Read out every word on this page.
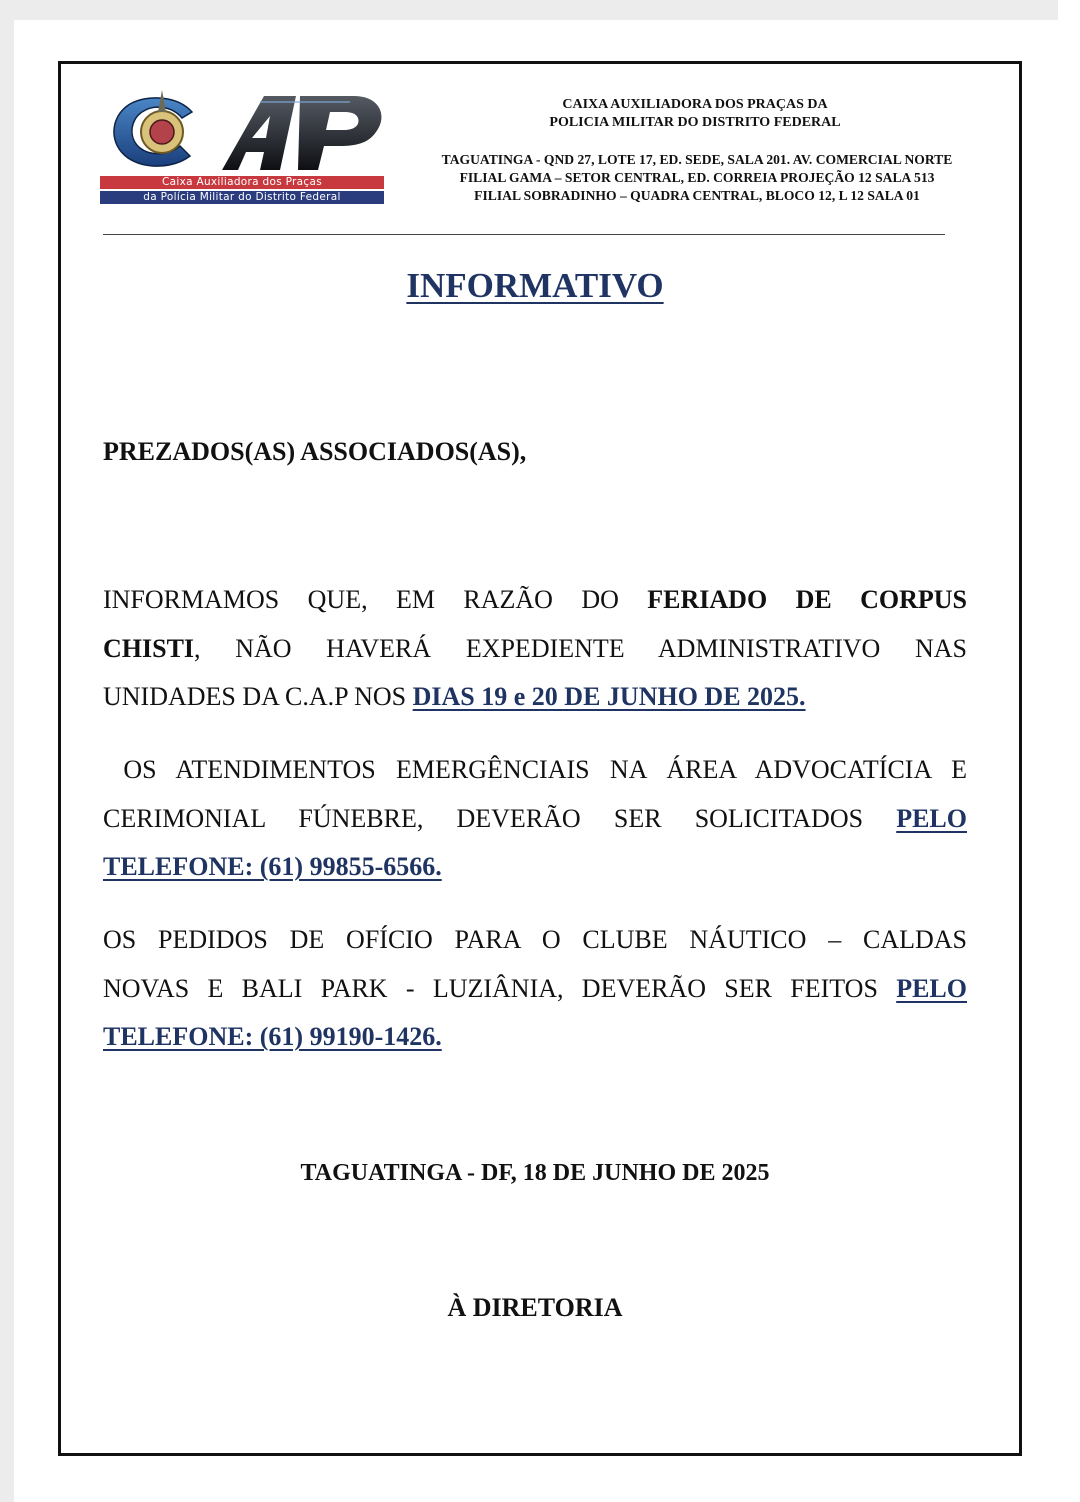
Caixa Auxiliadora dos Praças
da Polícia Militar do Distrito Federal
CAIXA AUXILIADORA DOS PRAÇAS DA
POLICIA MILITAR DO DISTRITO FEDERAL
TAGUATINGA - QND 27, LOTE 17, ED. SEDE, SALA 201. AV. COMERCIAL NORTE
FILIAL GAMA – SETOR CENTRAL, ED. CORREIA PROJEÇÃO 12 SALA 513
FILIAL SOBRADINHO – QUADRA CENTRAL, BLOCO 12, L 12 SALA 01
INFORMATIVO
PREZADOS(AS) ASSOCIADOS(AS),
INFORMAMOS QUE, EM RAZÃO DO FERIADO DE CORPUS
CHISTI, NÃO HAVERÁ EXPEDIENTE ADMINISTRATIVO NAS
UNIDADES DA C.A.P NOS DIAS 19 e 20 DE JUNHO DE 2025.
OS ATENDIMENTOS EMERGÊNCIAIS NA ÁREA ADVOCATÍCIA E
CERIMONIAL FÚNEBRE, DEVERÃO SER SOLICITADOS PELO
TELEFONE: (61) 99855-6566.
OS PEDIDOS DE OFÍCIO PARA O CLUBE NÁUTICO – CALDAS
NOVAS E BALI PARK - LUZIÂNIA, DEVERÃO SER FEITOS PELO
TELEFONE: (61) 99190-1426.
TAGUATINGA - DF, 18 DE JUNHO DE 2025
À DIRETORIA
